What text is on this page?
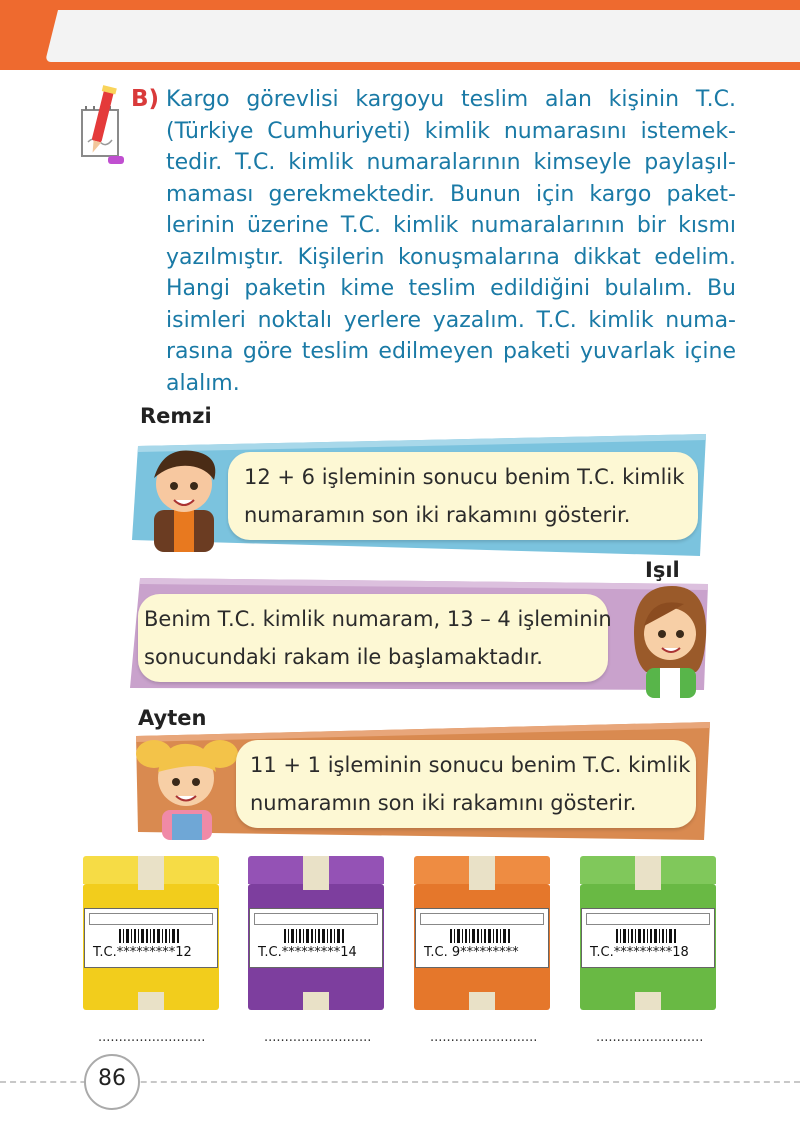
B) Kargo görevlisi kargoyu teslim alan kişinin T.C.
(Türkiye Cumhuriyeti) kimlik numarasını istemek-
tedir. T.C. kimlik numaralarının kimseyle paylaşıl-
maması gerekmektedir. Bunun için kargo paket-
lerinin üzerine T.C. kimlik numaralarının bir kısmı
yazılmıştır. Kişilerin konuşmalarına dikkat edelim.
Hangi paketin kime teslim edildiğini bulalım. Bu
isimleri noktalı yerlere yazalım. T.C. kimlik numa-
rasına göre teslim edilmeyen paketi yuvarlak içine
alalım.
Remzi
12 + 6 işleminin sonucu benim T.C. kimlik
numaramın son iki rakamını gösterir.
Işıl
Benim T.C. kimlik numaram, 13 – 4 işleminin
sonucundaki rakam ile başlamaktadır.
Ayten
11 + 1 işleminin sonucu benim T.C. kimlik
numaramın son iki rakamını gösterir.
T.C.*********12	T.C.*********14	T.C. 9*********	T.C.*********18
..........................	..........................	..........................	..........................
86
